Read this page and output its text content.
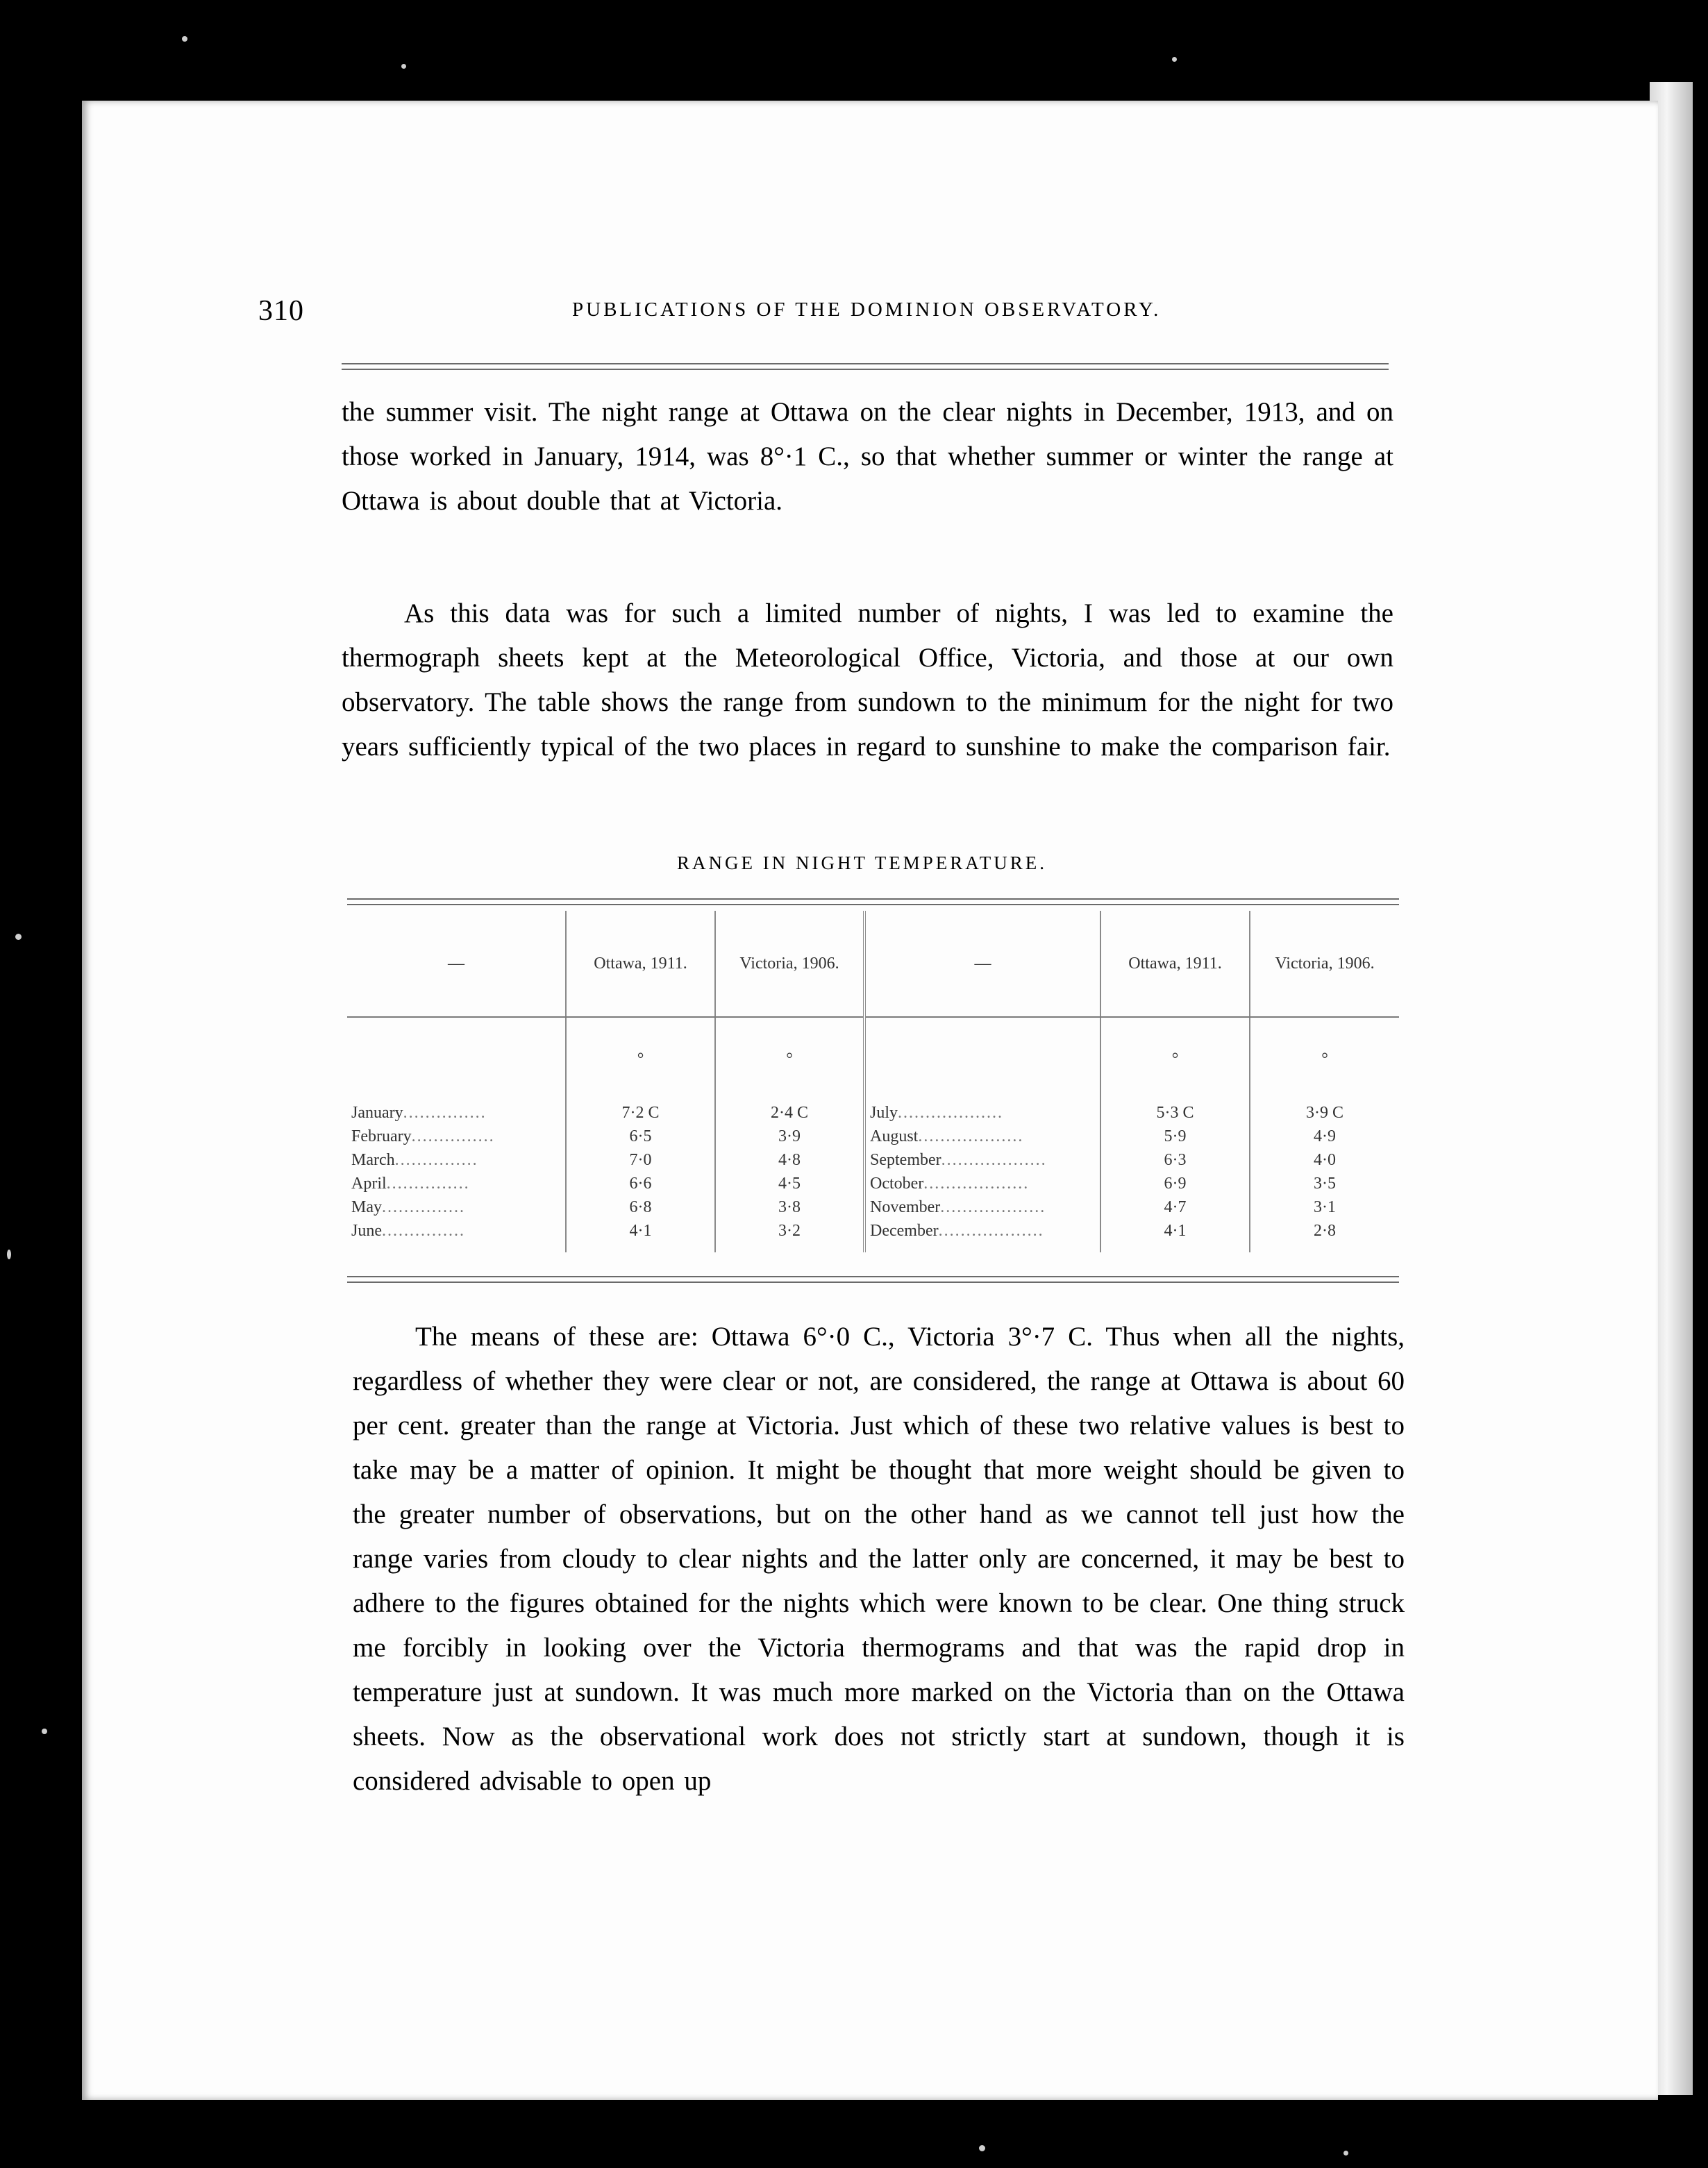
310	PUBLICATIONS OF THE DOMINION OBSERVATORY.
the summer visit. The night range at Ottawa on the clear nights in December, 1913, and on those worked in January, 1914, was 8°·1 C., so that whether summer or winter the range at Ottawa is about double that at Victoria.
As this data was for such a limited number of nights, I was led to examine the thermograph sheets kept at the Meteorological Office, Victoria, and those at our own observatory. The table shows the range from sundown to the minimum for the night for two years sufficiently typical of the two places in regard to sunshine to make the comparison fair.
RANGE IN NIGHT TEMPERATURE.
—	Ottawa, 1911.	Victoria, 1906.	—	Ottawa, 1911.	Victoria, 1906.
	°	°		°	°
January...............	7·2 C	2·4 C	July...................	5·3 C	3·9 C
February...............	6·5	3·9	August...................	5·9	4·9
March...............	7·0	4·8	September...................	6·3	4·0
April...............	6·6	4·5	October...................	6·9	3·5
May...............	6·8	3·8	November...................	4·7	3·1
June...............	4·1	3·2	December...................	4·1	2·8
The means of these are: Ottawa 6°·0 C., Victoria 3°·7 C. Thus when all the nights, regardless of whether they were clear or not, are considered, the range at Ottawa is about 60 per cent. greater than the range at Victoria. Just which of these two relative values is best to take may be a matter of opinion. It might be thought that more weight should be given to the greater number of observations, but on the other hand as we cannot tell just how the range varies from cloudy to clear nights and the latter only are concerned, it may be best to adhere to the figures obtained for the nights which were known to be clear. One thing struck me forcibly in looking over the Victoria thermograms and that was the rapid drop in temperature just at sundown. It was much more marked on the Victoria than on the Ottawa sheets. Now as the observational work does not strictly start at sundown, though it is considered advisable to open up
